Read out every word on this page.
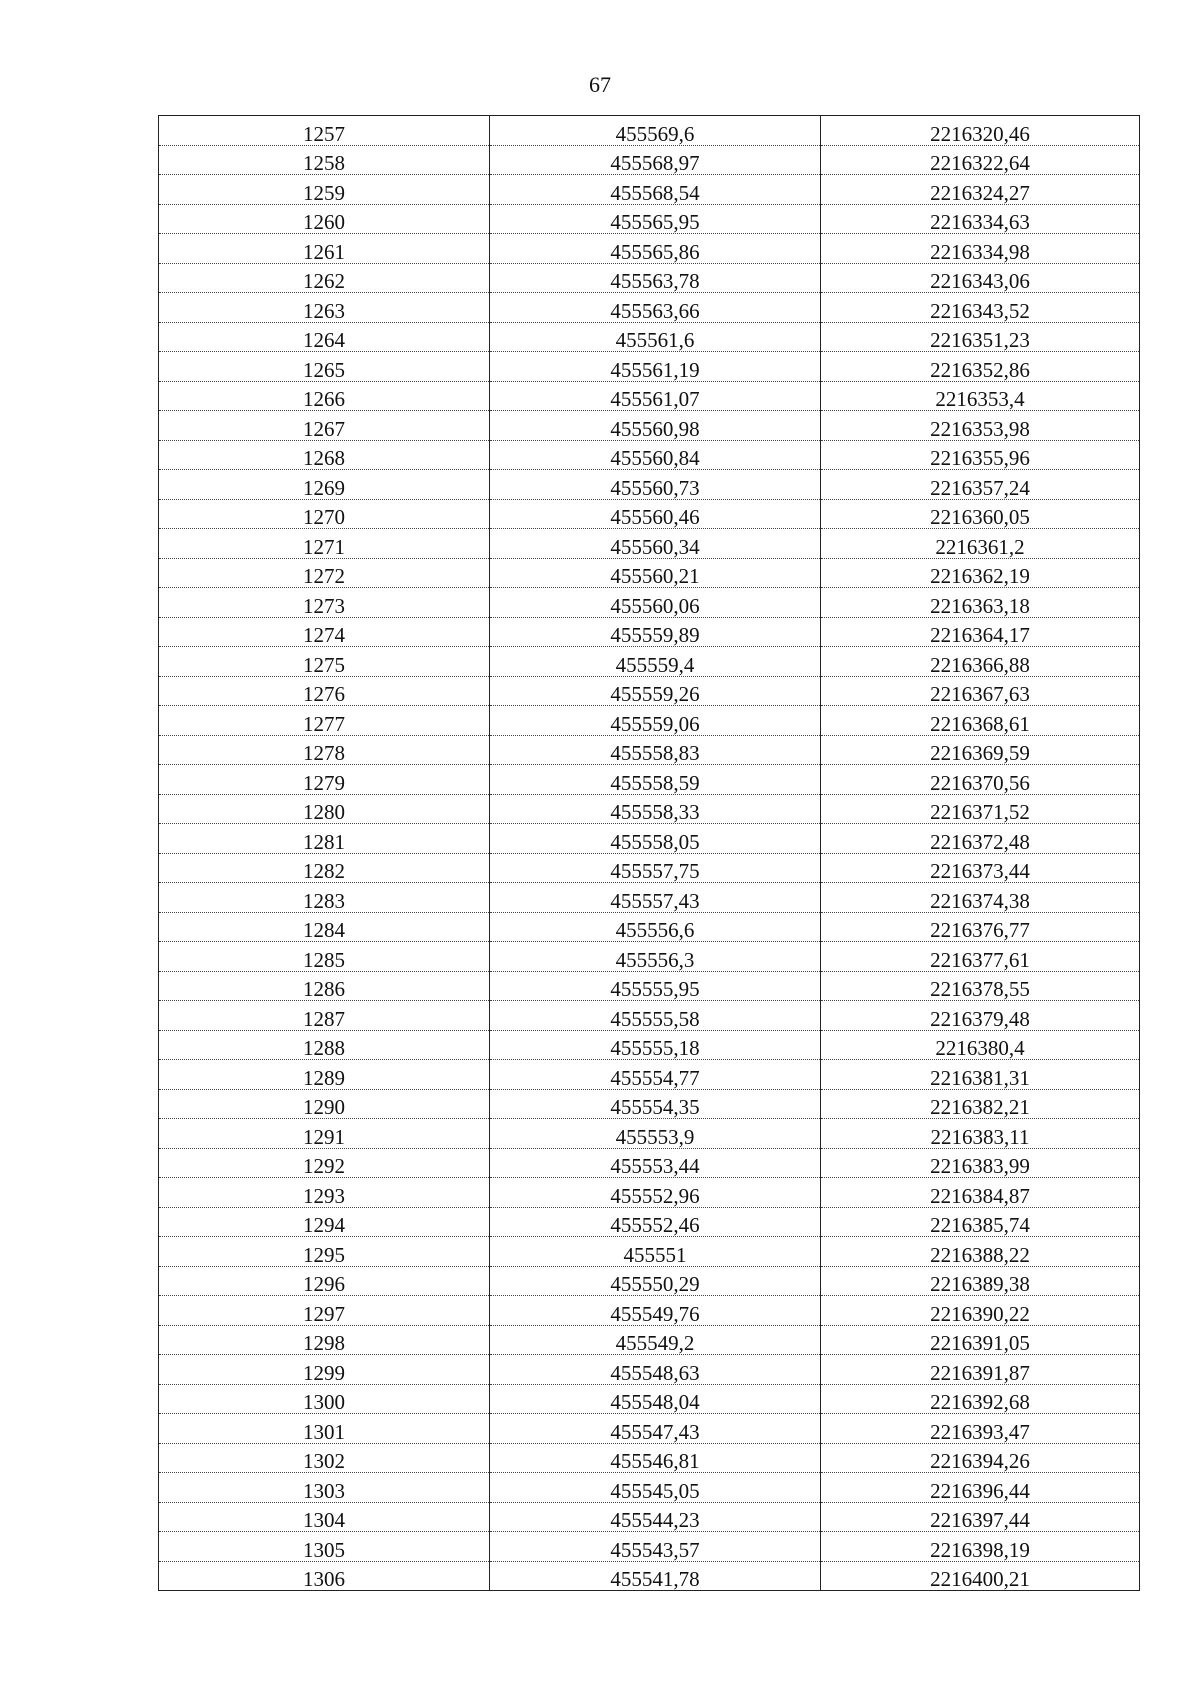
67
1257	455569,6	2216320,46
1258	455568,97	2216322,64
1259	455568,54	2216324,27
1260	455565,95	2216334,63
1261	455565,86	2216334,98
1262	455563,78	2216343,06
1263	455563,66	2216343,52
1264	455561,6	2216351,23
1265	455561,19	2216352,86
1266	455561,07	2216353,4
1267	455560,98	2216353,98
1268	455560,84	2216355,96
1269	455560,73	2216357,24
1270	455560,46	2216360,05
1271	455560,34	2216361,2
1272	455560,21	2216362,19
1273	455560,06	2216363,18
1274	455559,89	2216364,17
1275	455559,4	2216366,88
1276	455559,26	2216367,63
1277	455559,06	2216368,61
1278	455558,83	2216369,59
1279	455558,59	2216370,56
1280	455558,33	2216371,52
1281	455558,05	2216372,48
1282	455557,75	2216373,44
1283	455557,43	2216374,38
1284	455556,6	2216376,77
1285	455556,3	2216377,61
1286	455555,95	2216378,55
1287	455555,58	2216379,48
1288	455555,18	2216380,4
1289	455554,77	2216381,31
1290	455554,35	2216382,21
1291	455553,9	2216383,11
1292	455553,44	2216383,99
1293	455552,96	2216384,87
1294	455552,46	2216385,74
1295	455551	2216388,22
1296	455550,29	2216389,38
1297	455549,76	2216390,22
1298	455549,2	2216391,05
1299	455548,63	2216391,87
1300	455548,04	2216392,68
1301	455547,43	2216393,47
1302	455546,81	2216394,26
1303	455545,05	2216396,44
1304	455544,23	2216397,44
1305	455543,57	2216398,19
1306	455541,78	2216400,21
